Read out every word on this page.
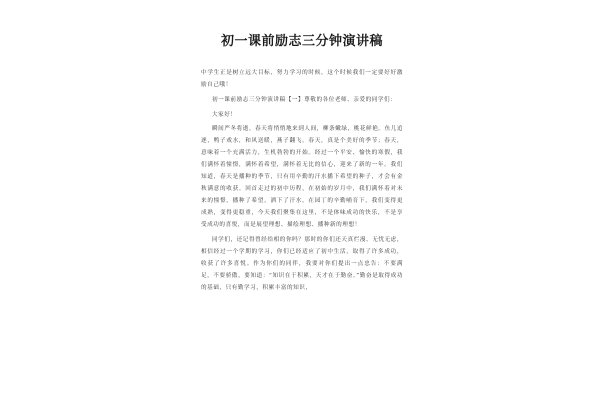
初一课前励志三分钟演讲稿

中学生正是树立远大目标，努力学习的时候，这个时候我们一定要好好激励自己哦！

初一课前励志三分钟演讲稿【一】尊敬的各位老师、亲爱的同学们：

大家好！

瞬间严冬将逝，春天将悄悄地来到人间，柳条嫩绿，桃花鲜艳。鱼儿追逐，鸭子戏水，和风送暖，燕子翻飞。春天，真是个美好的季节；春天，意味着一个充满活力，生机勃勃的开始。经过一个平安、愉快的寒假，我们满怀着憧憬，满怀着希望，满怀着无比的信心，迎来了新的一年。我们知道，春天是播种的季节，只有用辛勤的汗水播下希望的种子，才会有金秋满意的收获。回首走过的初中历程，在初始的岁月中，我们满怀着对未来的憧憬，播种了希望，洒下了汗水，在园丁的辛勤哺育下，我们变得更成熟，变得更稳重，今天我们聚集在这里，不是体味成功的快乐，不是享受成功的喜悦，而是展望理想、描绘理想、播种新的理想！

同学们，还记得曾经给相的你吗？那时的你们还天真烂漫、无忧无虑，相信经过一个学期的学习，你们已经适应了初中生活，取得了许多成功，收获了许多喜悦。作为你们的同伴，我要对你们提出一点忠告：不要满足，不要骄傲，要知道：“知识在于积累，天才在于勤奋。”勤奋是取得成功的基础，只有勤学习，积累丰富的知识，
